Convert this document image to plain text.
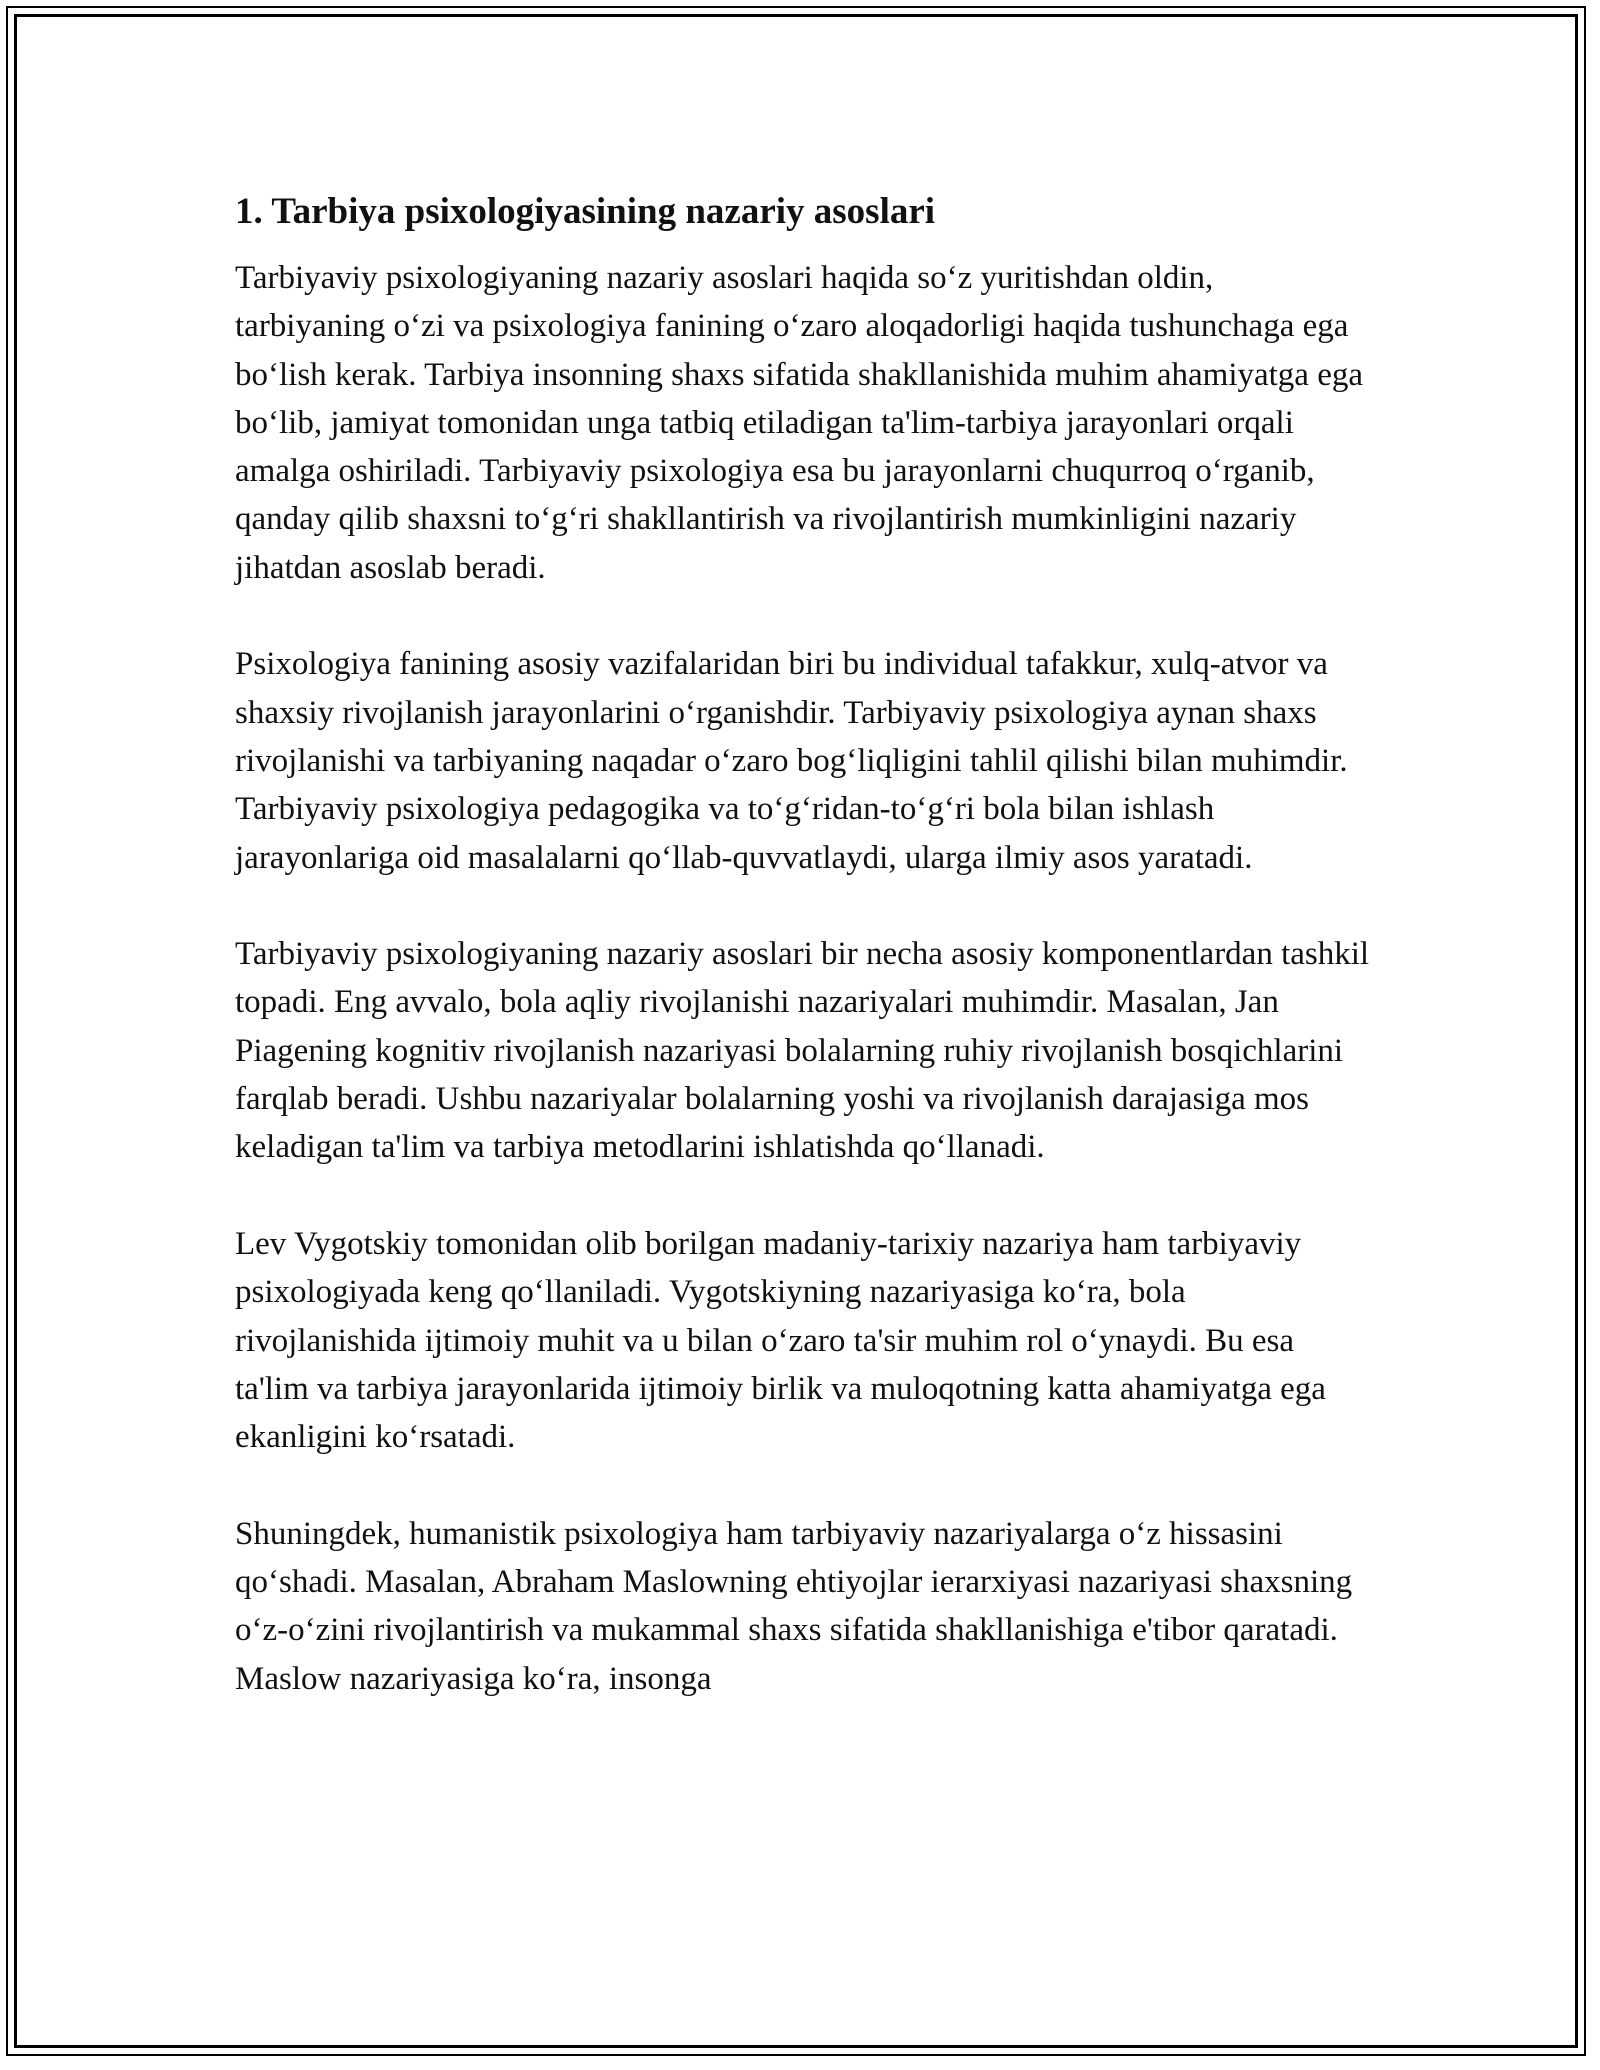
1. Tarbiya psixologiyasining nazariy asoslari

Tarbiyaviy psixologiyaning nazariy asoslari haqida so‘z yuritishdan oldin, tarbiyaning o‘zi va psixologiya fanining o‘zaro aloqadorligi haqida tushunchaga ega bo‘lish kerak. Tarbiya insonning shaxs sifatida shakllanishida muhim ahamiyatga ega bo‘lib, jamiyat tomonidan unga tatbiq etiladigan ta'lim-tarbiya jarayonlari orqali amalga oshiriladi. Tarbiyaviy psixologiya esa bu jarayonlarni chuqurroq o‘rganib, qanday qilib shaxsni to‘g‘ri shakllantirish va rivojlantirish mumkinligini nazariy jihatdan asoslab beradi.

Psixologiya fanining asosiy vazifalaridan biri bu individual tafakkur, xulq-atvor va shaxsiy rivojlanish jarayonlarini o‘rganishdir. Tarbiyaviy psixologiya aynan shaxs rivojlanishi va tarbiyaning naqadar o‘zaro bog‘liqligini tahlil qilishi bilan muhimdir. Tarbiyaviy psixologiya pedagogika va to‘g‘ridan-to‘g‘ri bola bilan ishlash jarayonlariga oid masalalarni qo‘llab-quvvatlaydi, ularga ilmiy asos yaratadi.

Tarbiyaviy psixologiyaning nazariy asoslari bir necha asosiy komponentlardan tashkil topadi. Eng avvalo, bola aqliy rivojlanishi nazariyalari muhimdir. Masalan, Jan Piagening kognitiv rivojlanish nazariyasi bolalarning ruhiy rivojlanish bosqichlarini farqlab beradi. Ushbu nazariyalar bolalarning yoshi va rivojlanish darajasiga mos keladigan ta'lim va tarbiya metodlarini ishlatishda qo‘llanadi.

Lev Vygotskiy tomonidan olib borilgan madaniy-tarixiy nazariya ham tarbiyaviy psixologiyada keng qo‘llaniladi. Vygotskiyning nazariyasiga ko‘ra, bola rivojlanishida ijtimoiy muhit va u bilan o‘zaro ta'sir muhim rol o‘ynaydi. Bu esa ta'lim va tarbiya jarayonlarida ijtimoiy birlik va muloqotning katta ahamiyatga ega ekanligini ko‘rsatadi.

Shuningdek, humanistik psixologiya ham tarbiyaviy nazariyalarga o‘z hissasini qo‘shadi. Masalan, Abraham Maslowning ehtiyojlar ierarxiyasi nazariyasi shaxsning o‘z-o‘zini rivojlantirish va mukammal shaxs sifatida shakllanishiga e'tibor qaratadi. Maslow nazariyasiga ko‘ra, insonga
